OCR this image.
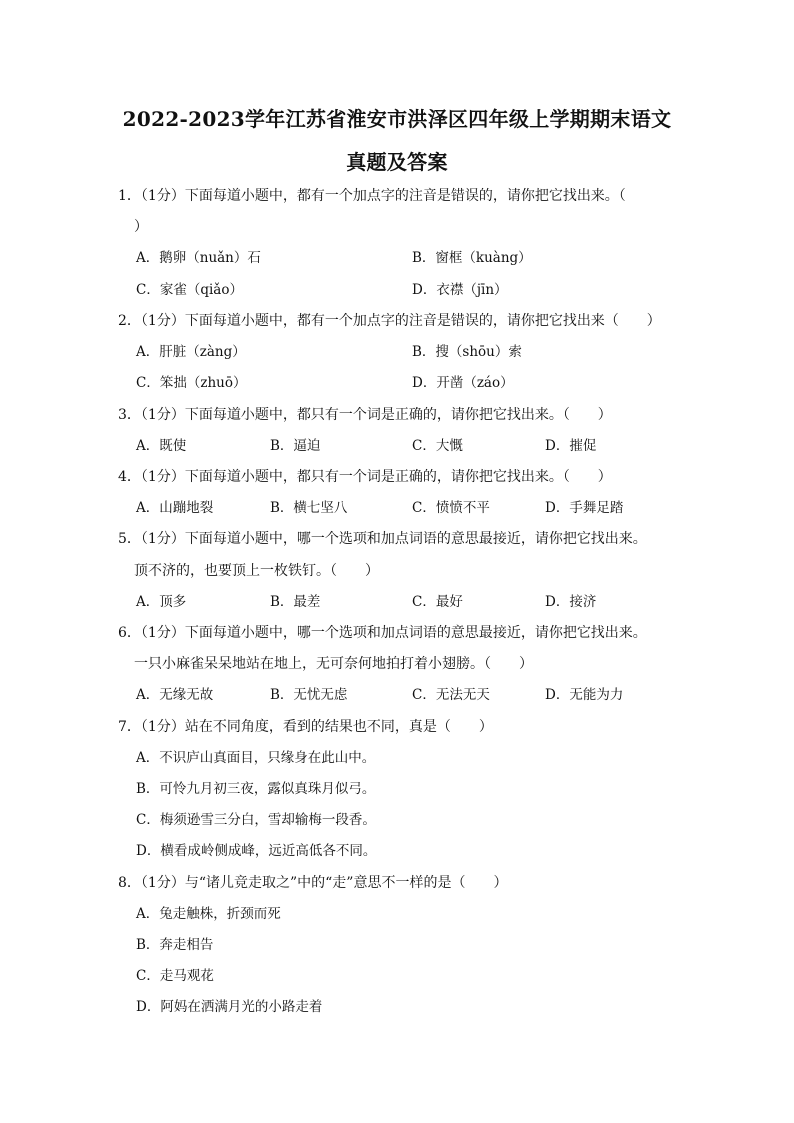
2022-2023学年江苏省淮安市洪泽区四年级上学期期末语文
真题及答案
1．（1分）下面每道小题中，都有一个加点字的注音是错误的，请你把它找出来。（
）
A．鹅卵（nuǎn）石	B．窗框（kuàng）
C．家雀（qiǎo）	D．衣襟（jīn）
2．（1分）下面每道小题中，都有一个加点字的注音是错误的，请你把它找出来（　　）
A．肝脏（zàng）	B．搜（shōu）索
C．笨拙（zhuō）	D．开凿（záo）
3．（1分）下面每道小题中，都只有一个词是正确的，请你把它找出来。（　　）
A．既使	B．逼迫	C．大慨	D．摧促
4．（1分）下面每道小题中，都只有一个词是正确的，请你把它找出来。（　　）
A．山蹦地裂	B．横七坚八	C．愤愤不平	D．手舞足踏
5．（1分）下面每道小题中，哪一个选项和加点词语的意思最接近，请你把它找出来。
顶不济的，也要顶上一枚铁钉。（　　）
A．顶多	B．最差	C．最好	D．接济
6．（1分）下面每道小题中，哪一个选项和加点词语的意思最接近，请你把它找出来。
一只小麻雀呆呆地站在地上，无可奈何地拍打着小翅膀。（　　）
A．无缘无故	B．无忧无虑	C．无法无天	D．无能为力
7．（1分）站在不同角度，看到的结果也不同，真是（　　）
A．不识庐山真面目，只缘身在此山中。
B．可怜九月初三夜，露似真珠月似弓。
C．梅须逊雪三分白，雪却输梅一段香。
D．横看成岭侧成峰，远近高低各不同。
8．（1分）与“诸儿竞走取之”中的“走”意思不一样的是（　　）
A．兔走触株，折颈而死
B．奔走相告
C．走马观花
D．阿妈在洒满月光的小路走着
